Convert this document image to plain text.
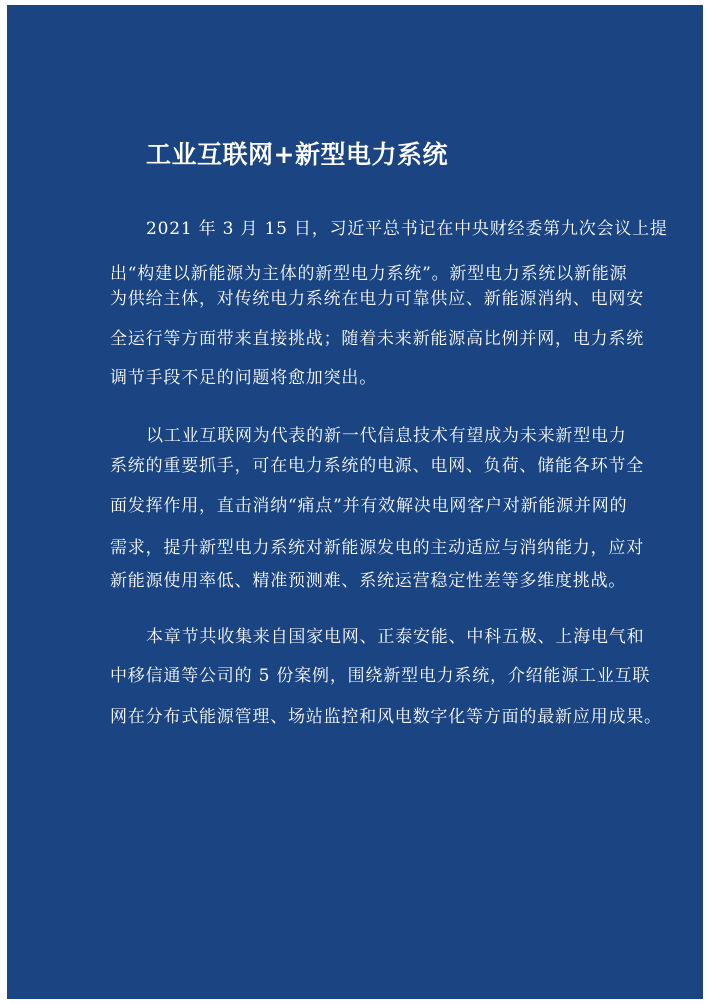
工业互联网+新型电力系统
2021 年 3 月 15 日，习近平总书记在中央财经委第九次会议上提
出“构建以新能源为主体的新型电力系统”。新型电力系统以新能源
为供给主体，对传统电力系统在电力可靠供应、新能源消纳、电网安
全运行等方面带来直接挑战；随着未来新能源高比例并网，电力系统
调节手段不足的问题将愈加突出。
以工业互联网为代表的新一代信息技术有望成为未来新型电力
系统的重要抓手，可在电力系统的电源、电网、负荷、储能各环节全
面发挥作用，直击消纳“痛点”并有效解决电网客户对新能源并网的
需求，提升新型电力系统对新能源发电的主动适应与消纳能力，应对
新能源使用率低、精准预测难、系统运营稳定性差等多维度挑战。
本章节共收集来自国家电网、正泰安能、中科五极、上海电气和
中移信通等公司的 5 份案例，围绕新型电力系统，介绍能源工业互联
网在分布式能源管理、场站监控和风电数字化等方面的最新应用成果。
